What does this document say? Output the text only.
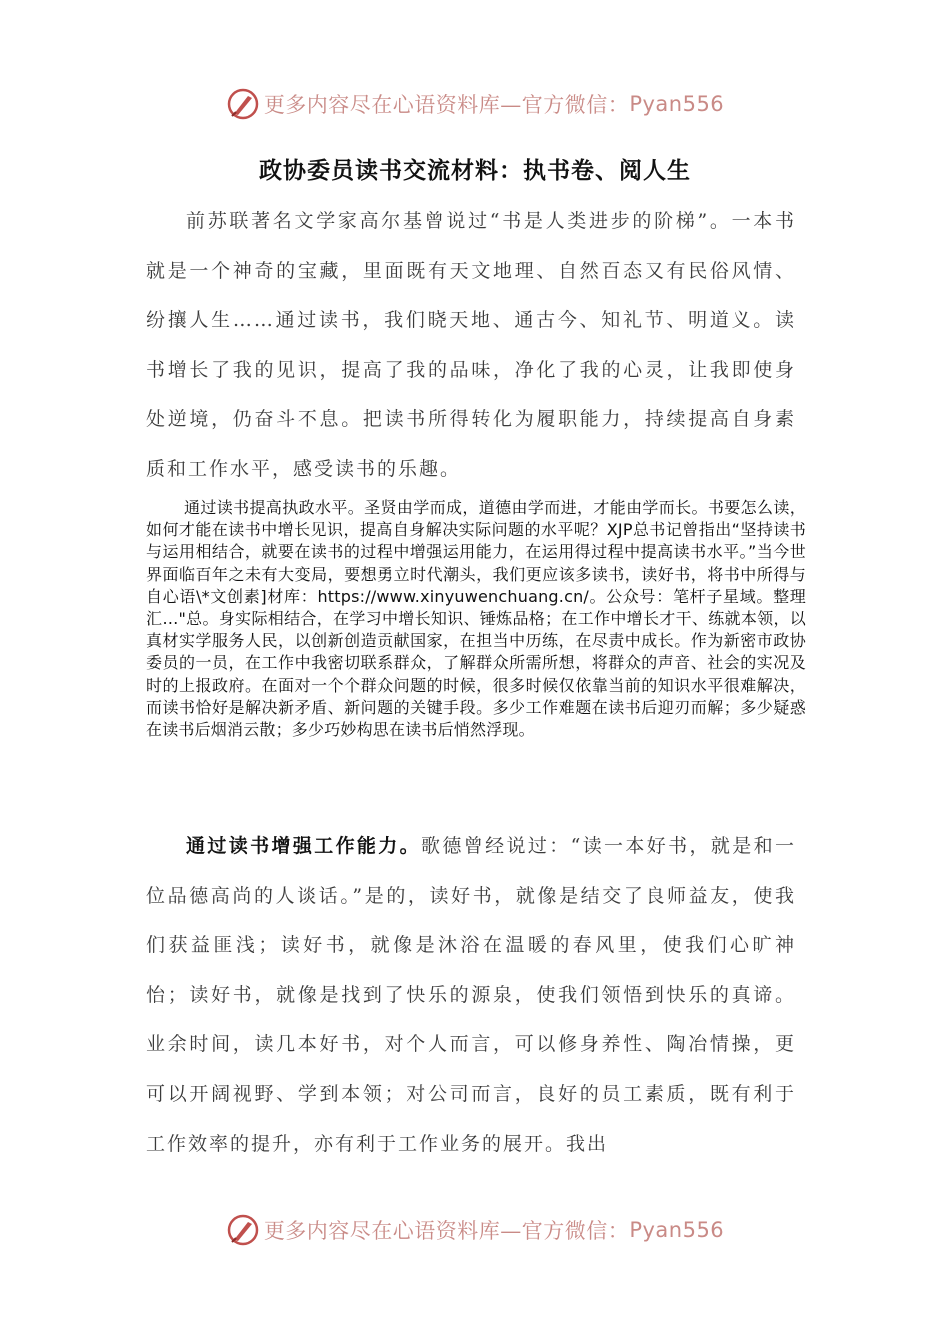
更多内容尽在心语资料库—官方微信： Pyan556
政协委员读书交流材料：执书卷、阅人生

前苏联著名文学家高尔基曾说过“书是人类进步的阶梯”。一本书就是一个神奇的宝藏，里面既有天文地理、自然百态又有民俗风情、纷攘人生……通过读书，我们晓天地、通古今、知礼节、明道义。读书增长了我的见识，提高了我的品味，净化了我的心灵，让我即使身处逆境，仍奋斗不息。把读书所得转化为履职能力，持续提高自身素质和工作水平，感受读书的乐趣。

通过读书提高执政水平。圣贤由学而成，道德由学而进，才能由学而长。书要怎么读，如何才能在读书中增长见识，提高自身解决实际问题的水平呢？XJP总书记曾指出“坚持读书与运用相结合，就要在读书的过程中增强运用能力，在运用得过程中提高读书水平。”当今世界面临百年之未有大变局，要想勇立时代潮头，我们更应该多读书，读好书，将书中所得与自心语\*文创素]材库：https://www.xinyuwenchuang.cn/。公众号：笔杆子星域。整理汇…"总。身实际相结合，在学习中增长知识、锤炼品格；在工作中增长才干、练就本领，以真材实学服务人民，以创新创造贡献国家，在担当中历练，在尽责中成长。作为新密市政协委员的一员，在工作中我密切联系群众，了解群众所需所想，将群众的声音、社会的实况及时的上报政府。在面对一个个群众问题的时候，很多时候仅依靠当前的知识水平很难解决，而读书恰好是解决新矛盾、新问题的关键手段。多少工作难题在读书后迎刃而解；多少疑惑在读书后烟消云散；多少巧妙构思在读书后悄然浮现。

通过读书增强工作能力。歌德曾经说过：“读一本好书，就是和一位品德高尚的人谈话。”是的，读好书，就像是结交了良师益友，使我们获益匪浅；读好书，就像是沐浴在温暖的春风里，使我们心旷神怡；读好书，就像是找到了快乐的源泉，使我们领悟到快乐的真谛。业余时间，读几本好书，对个人而言，可以修身养性、陶冶情操，更可以开阔视野、学到本领；对公司而言，良好的员工素质，既有利于工作效率的提升，亦有利于工作业务的展开。我出

更多内容尽在心语资料库—官方微信： Pyan556
